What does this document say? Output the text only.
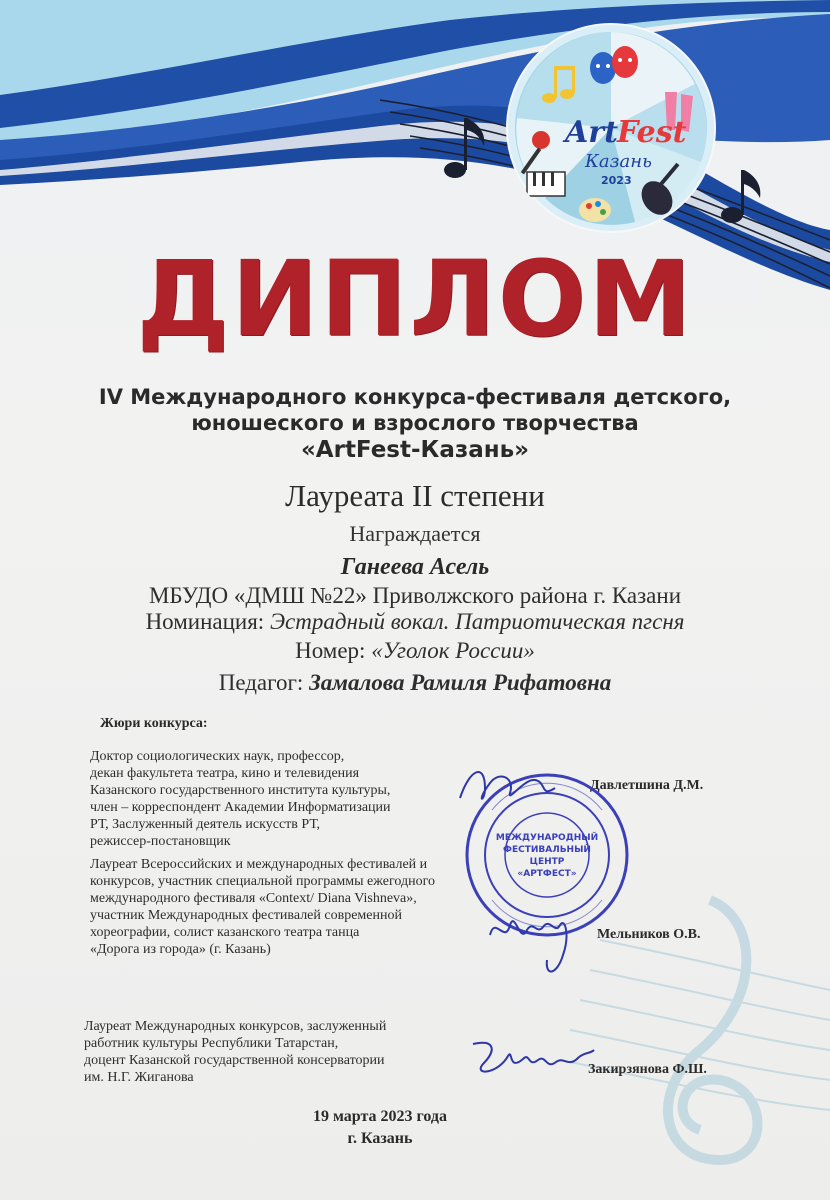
Art Fest
Казань
2023
ДИПЛОМ
IV Международного конкурса-фестиваля детского,
юношеского и взрослого творчества
«ArtFest-Казань»
Лауреата II степени
Награждается
Ганеева Асель
МБУДО «ДМШ №22» Приволжского района г. Казани
Номинация: Эстрадный вокал. Патриотическая пгсня
Номер: «Уголок России»
Педагог: Замалова Рамиля Рифатовна
Жюри конкурса:
Доктор социологических наук, профессор,
декан факультета театра, кино и телевидения
Казанского государственного института культуры,
член – корреспондент Академии Информатизации
РТ, Заслуженный деятель искусств РТ,
режиссер-постановщик
Давлетшина Д.М.
Лауреат Всероссийских и международных фестивалей и
конкурсов, участник специальной программы ежегодного
международного фестиваля «Context/ Diana Vishneva»,
участник Международных фестивалей современной
хореографии, солист казанского театра танца
«Дорога из города» (г. Казань)
Мельников О.В.
Лауреат Международных конкурсов, заслуженный
работник культуры Республики Татарстан,
доцент Казанской государственной консерватории
им. Н.Г. Жиганова
Закирзянова Ф.Ш.
МЕЖДУНАРОДНЫЙ
ФЕСТИВАЛЬНЫЙ
ЦЕНТР
«АРТФЕСТ»
19 марта 2023 года
г. Казань
